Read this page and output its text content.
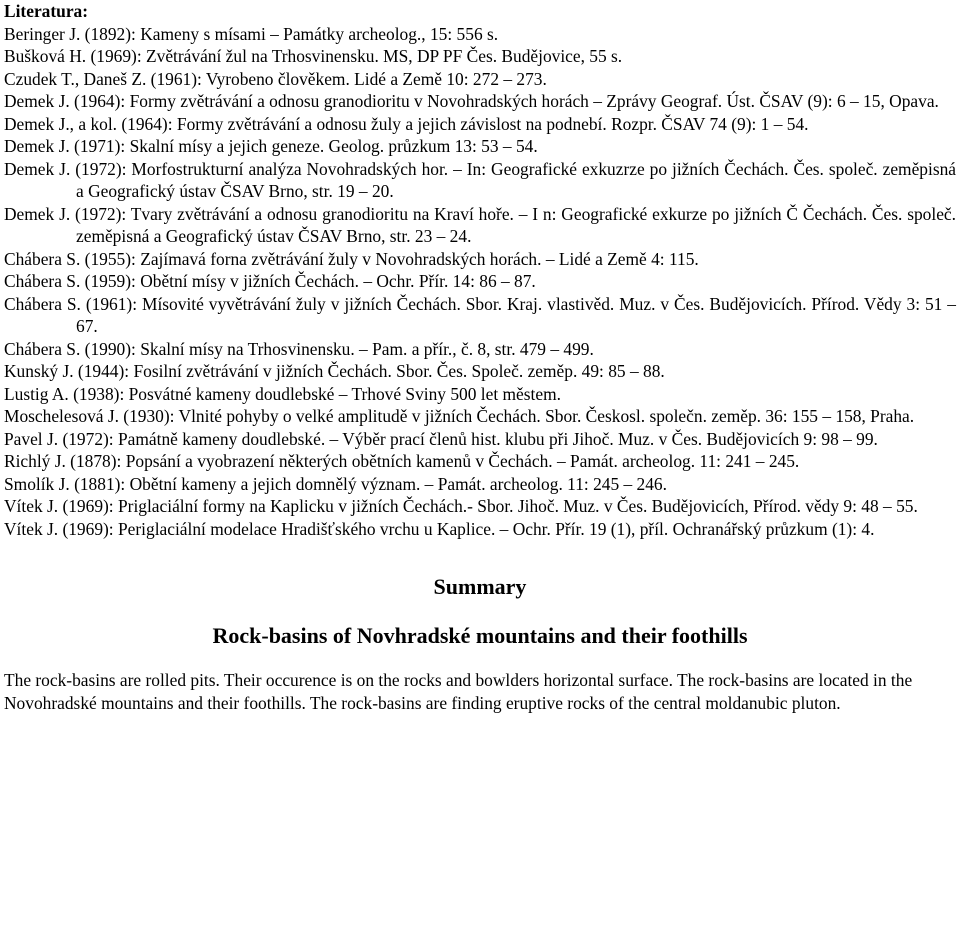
Literatura:
Beringer J. (1892): Kameny s mísami – Památky archeolog., 15: 556 s.
Bušková H. (1969): Zvětrávání žul na Trhosvinensku. MS, DP PF Čes. Budějovice, 55 s.
Czudek T., Daneš Z. (1961): Vyrobeno člověkem. Lidé a Země 10: 272 – 273.
Demek J. (1964): Formy zvětrávání a odnosu granodioritu v Novohradských horách – Zprávy Geograf. Úst. ČSAV (9): 6 – 15, Opava.
Demek J., a kol. (1964): Formy zvětrávání a odnosu žuly a jejich závislost na podnebí. Rozpr. ČSAV 74 (9): 1 – 54.
Demek J. (1971): Skalní mísy a jejich geneze. Geolog. průzkum 13: 53 – 54.
Demek J. (1972): Morfostrukturní analýza Novohradských hor. – In: Geografické exkuzrze po jižních Čechách. Čes. společ. zeměpisná a Geografický ústav ČSAV Brno, str. 19 – 20.
Demek J. (1972): Tvary zvětrávání a odnosu granodioritu na Kraví hoře. – I n: Geografické exkurze po jižních Č Čechách. Čes. společ. zeměpisná a Geografický ústav ČSAV Brno, str. 23 – 24.
Chábera S. (1955): Zajímavá forna zvětrávání žuly v Novohradských horách. – Lidé a Země 4: 115.
Chábera S. (1959): Obětní mísy v jižních Čechách. – Ochr. Přír. 14: 86 – 87.
Chábera S. (1961): Mísovité vyvětrávání žuly v jižních Čechách. Sbor. Kraj. vlastivěd. Muz. v Čes. Budějovicích. Přírod. Vědy 3: 51 – 67.
Chábera S. (1990): Skalní mísy na Trhosvinensku. – Pam. a přír., č. 8, str. 479 – 499.
Kunský J. (1944): Fosilní zvětrávání v jižních Čechách. Sbor. Čes. Společ. zeměp. 49: 85 – 88.
Lustig A. (1938): Posvátné kameny doudlebské – Trhové Sviny 500 let městem.
Moschelesová J. (1930): Vlnité pohyby o velké amplitudě v jižních Čechách. Sbor. Českosl. společn. zeměp. 36: 155 – 158, Praha.
Pavel J. (1972): Památně kameny doudlebské. – Výběr prací členů hist. klubu při Jihoč. Muz. v Čes. Budějovicích 9: 98 – 99.
Richlý J. (1878): Popsání a vyobrazení některých obětních kamenů v Čechách. – Památ. archeolog. 11: 241 – 245.
Smolík J. (1881): Obětní kameny a jejich domnělý význam. – Památ. archeolog. 11: 245 – 246.
Vítek J. (1969): Priglaciální formy na Kaplicku v jižních Čechách.- Sbor. Jihoč. Muz. v Čes. Budějovicích, Přírod. vědy 9: 48 – 55.
Vítek J. (1969): Periglaciální modelace Hradišťského vrchu u Kaplice. – Ochr. Přír. 19 (1), příl. Ochranářský průzkum (1): 4.
Summary
Rock-basins of Novhradské mountains and their foothills
The rock-basins are rolled pits. Their occurence is on the rocks and bowlders horizontal surface. The rock-basins are located in the Novohradské mountains and their foothills. The rock-basins are finding eruptive rocks of the central moldanubic pluton.
